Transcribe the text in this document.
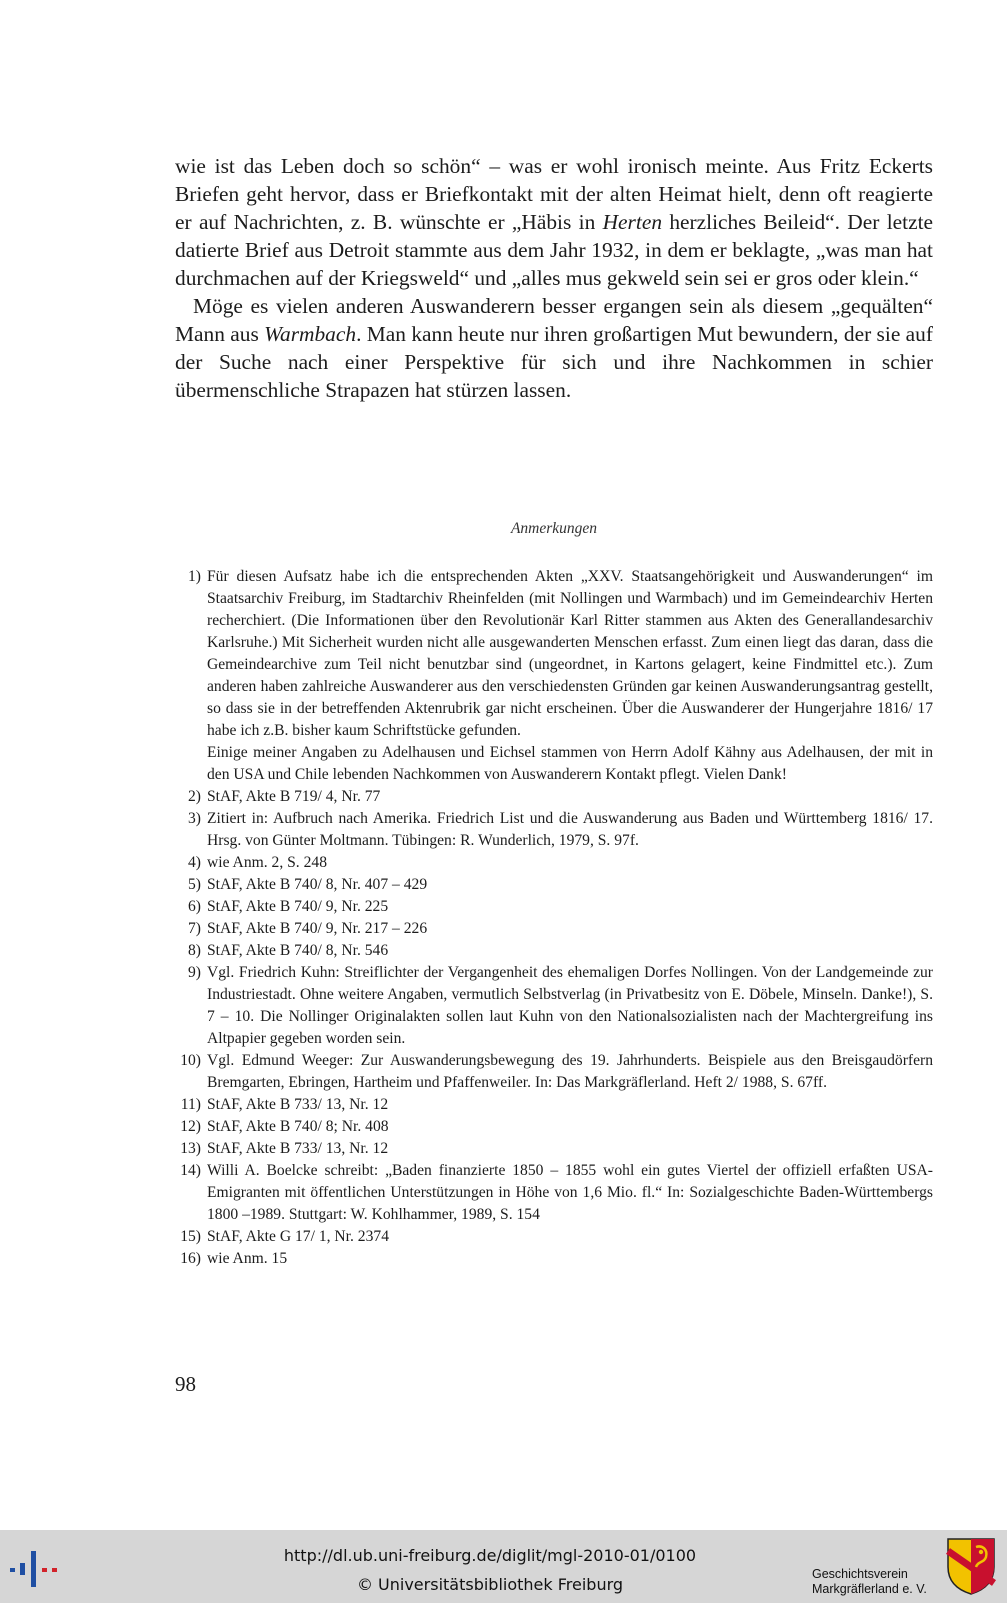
wie ist das Leben doch so schön“ – was er wohl ironisch meinte. Aus Fritz Eckerts Briefen geht hervor, dass er Briefkontakt mit der alten Heimat hielt, denn oft reagierte er auf Nachrichten, z. B. wünschte er „Häbis in Herten herzliches Beileid“. Der letzte datierte Brief aus Detroit stammte aus dem Jahr 1932, in dem er beklagte, „was man hat durchmachen auf der Kriegsweld“ und „alles mus gekweld sein sei er gros oder klein.“

Möge es vielen anderen Auswanderern besser ergangen sein als diesem „gequälten“ Mann aus Warmbach. Man kann heute nur ihren großartigen Mut bewundern, der sie auf der Suche nach einer Perspektive für sich und ihre Nachkommen in schier übermenschliche Strapazen hat stürzen lassen.

Anmerkungen
1) Für diesen Aufsatz habe ich die entsprechenden Akten „XXV. Staatsangehörigkeit und Auswanderungen“ im Staatsarchiv Freiburg, im Stadtarchiv Rheinfelden (mit Nollingen und Warmbach) und im Gemeindearchiv Herten recherchiert. (Die Informationen über den Revolutionär Karl Ritter stammen aus Akten des Generallandesarchiv Karlsruhe.) Mit Sicherheit wurden nicht alle ausgewanderten Menschen erfasst. Zum einen liegt das daran, dass die Gemeindearchive zum Teil nicht benutzbar sind (ungeordnet, in Kartons gelagert, keine Findmittel etc.). Zum anderen haben zahlreiche Auswanderer aus den verschiedensten Gründen gar keinen Auswanderungsantrag gestellt, so dass sie in der betreffenden Aktenrubrik gar nicht erscheinen. Über die Auswanderer der Hungerjahre 1816/ 17 habe ich z.B. bisher kaum Schriftstücke gefunden.
Einige meiner Angaben zu Adelhausen und Eichsel stammen von Herrn Adolf Kähny aus Adelhausen, der mit in den USA und Chile lebenden Nachkommen von Auswanderern Kontakt pflegt. Vielen Dank!
2) StAF, Akte B 719/ 4, Nr. 77
3) Zitiert in: Aufbruch nach Amerika. Friedrich List und die Auswanderung aus Baden und Württemberg 1816/ 17. Hrsg. von Günter Moltmann. Tübingen: R. Wunderlich, 1979, S. 97f.
4) wie Anm. 2, S. 248
5) StAF, Akte B 740/ 8, Nr. 407 – 429
6) StAF, Akte B 740/ 9, Nr. 225
7) StAF, Akte B 740/ 9, Nr. 217 – 226
8) StAF, Akte B 740/ 8, Nr. 546
9) Vgl. Friedrich Kuhn: Streiflichter der Vergangenheit des ehemaligen Dorfes Nollingen. Von der Landgemeinde zur Industriestadt. Ohne weitere Angaben, vermutlich Selbstverlag (in Privatbesitz von E. Döbele, Minseln. Danke!), S. 7 – 10. Die Nollinger Originalakten sollen laut Kuhn von den Nationalsozialisten nach der Machtergreifung ins Altpapier gegeben worden sein.
10) Vgl. Edmund Weeger: Zur Auswanderungsbewegung des 19. Jahrhunderts. Beispiele aus den Breisgaudörfern Bremgarten, Ebringen, Hartheim und Pfaffenweiler. In: Das Markgräflerland. Heft 2/ 1988, S. 67ff.
11) StAF, Akte B 733/ 13, Nr. 12
12) StAF, Akte B 740/ 8; Nr. 408
13) StAF, Akte B 733/ 13, Nr. 12
14) Willi A. Boelcke schreibt: „Baden finanzierte 1850 – 1855 wohl ein gutes Viertel der offiziell erfaßten USA-Emigranten mit öffentlichen Unterstützungen in Höhe von 1,6 Mio. fl.“ In: Sozialgeschichte Baden-Württembergs 1800 –1989. Stuttgart: W. Kohlhammer, 1989, S. 154
15) StAF, Akte G 17/ 1, Nr. 2374
16) wie Anm. 15
98
http://dl.ub.uni-freiburg.de/diglit/mgl-2010-01/0100
© Universitätsbibliothek Freiburg
Geschichtsverein
Markgräflerland e. V.
